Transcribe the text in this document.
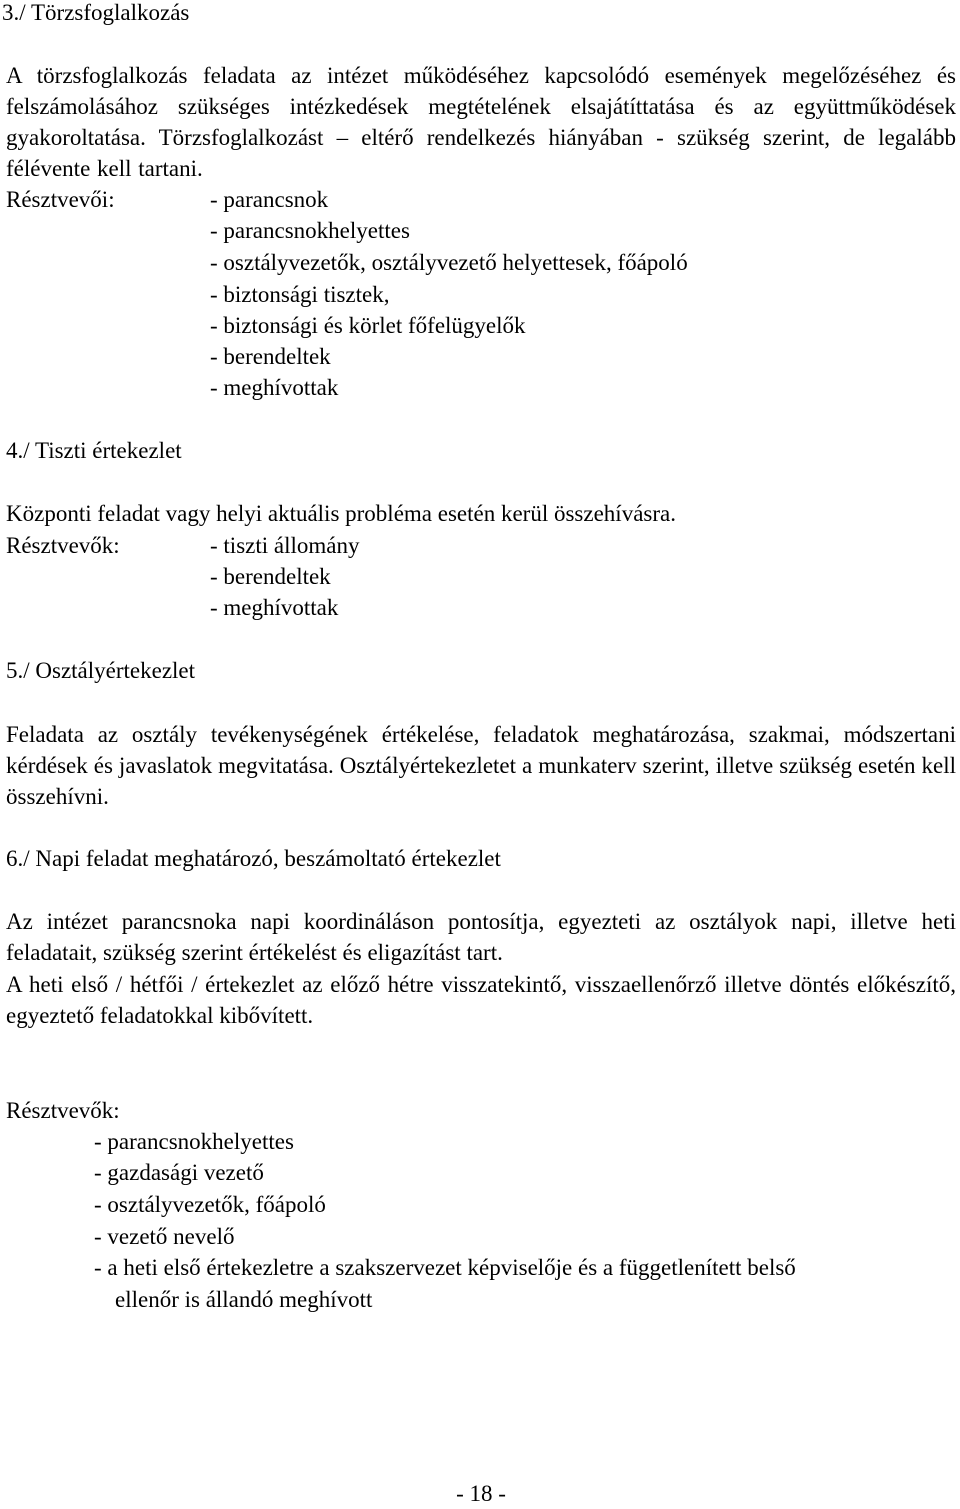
3./ Törzsfoglalkozás
A törzsfoglalkozás feladata az intézet működéséhez kapcsolódó események megelőzéséhez és felszámolásához szükséges intézkedések megtételének elsajátíttatása és az együttműködések gyakoroltatása. Törzsfoglalkozást – eltérő rendelkezés hiányában - szükség szerint, de legalább félévente kell tartani.
Résztvevői:	- parancsnok
- parancsnokhelyettes
- osztályvezetők, osztályvezető helyettesek, főápoló
- biztonsági tisztek,
- biztonsági és körlet főfelügyelők
- berendeltek
- meghívottak
4./ Tiszti értekezlet
Központi feladat vagy helyi aktuális probléma esetén kerül összehívásra.
Résztvevők:	- tiszti állomány
- berendeltek
- meghívottak
5./ Osztályértekezlet
Feladata az osztály tevékenységének értékelése, feladatok meghatározása, szakmai, módszertani kérdések és javaslatok megvitatása. Osztályértekezletet a munkaterv szerint, illetve szükség esetén kell összehívni.
6./ Napi feladat meghatározó, beszámoltató értekezlet
Az intézet parancsnoka napi koordináláson pontosítja, egyezteti az osztályok napi, illetve heti feladatait, szükség szerint értékelést és eligazítást tart.
A heti első / hétfői / értekezlet az előző hétre visszatekintő, visszaellenőrző illetve döntés előkészítő, egyeztető feladatokkal kibővített.
Résztvevők:
- parancsnokhelyettes
- gazdasági vezető
- osztályvezetők, főápoló
- vezető nevelő
- a heti első értekezletre a szakszervezet képviselője és a függetlenített belső
ellenőr is állandó meghívott
- 18 -
